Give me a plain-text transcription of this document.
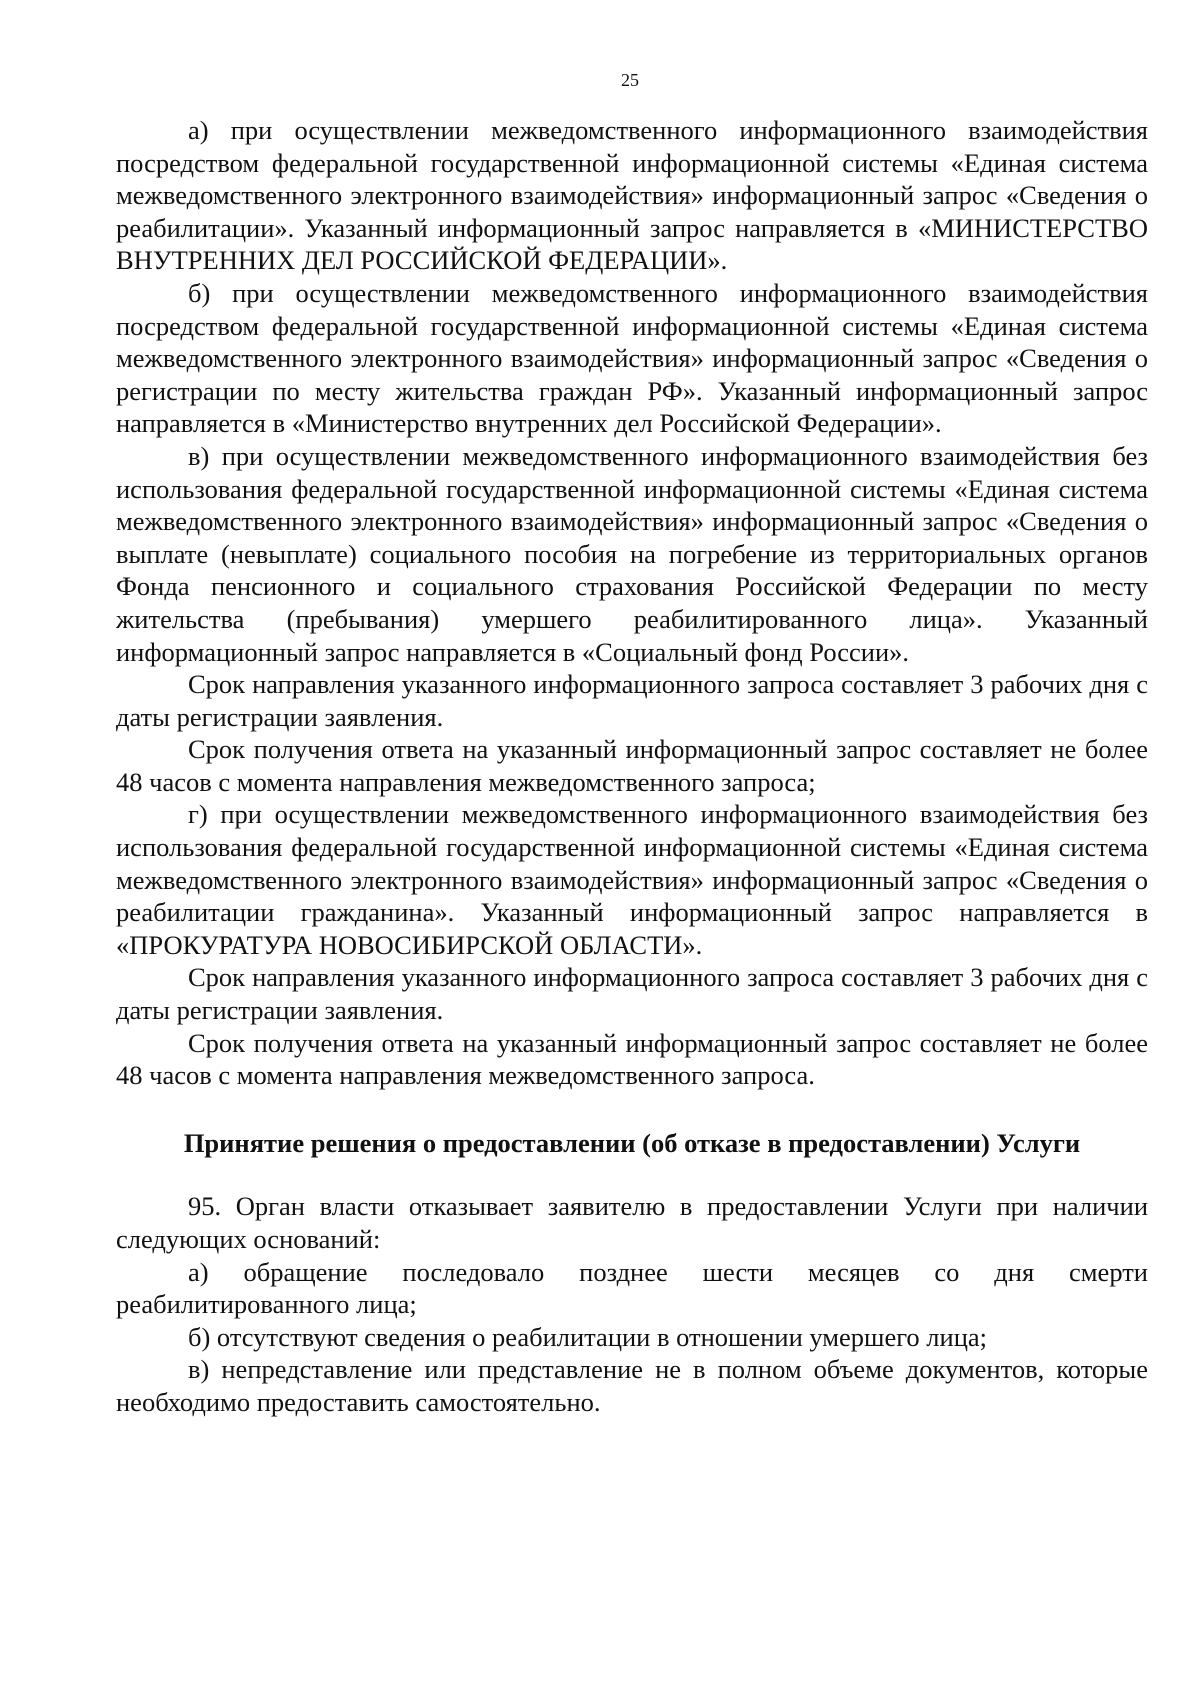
25

а) при осуществлении межведомственного информационного взаимодействия посредством федеральной государственной информационной системы «Единая система межведомственного электронного взаимодействия» информационный запрос «Сведения о реабилитации». Указанный информационный запрос направляется в «МИНИСТЕРСТВО ВНУТРЕННИХ ДЕЛ РОССИЙСКОЙ ФЕДЕРАЦИИ».

б) при осуществлении межведомственного информационного взаимодействия посредством федеральной государственной информационной системы «Единая система межведомственного электронного взаимодействия» информационный запрос «Сведения о регистрации по месту жительства граждан РФ». Указанный информационный запрос направляется в «Министерство внутренних дел Российской Федерации».

в) при осуществлении межведомственного информационного взаимодействия без использования федеральной государственной информационной системы «Единая система межведомственного электронного взаимодействия» информационный запрос «Сведения о выплате (невыплате) социального пособия на погребение из территориальных органов Фонда пенсионного и социального страхования Российской Федерации по месту жительства (пребывания) умершего реабилитированного лица». Указанный информационный запрос направляется в «Социальный фонд России».

Срок направления указанного информационного запроса составляет 3 рабочих дня с даты регистрации заявления.

Срок получения ответа на указанный информационный запрос составляет не более 48 часов с момента направления межведомственного запроса;

г) при осуществлении межведомственного информационного взаимодействия без использования федеральной государственной информационной системы «Единая система межведомственного электронного взаимодействия» информационный запрос «Сведения о реабилитации гражданина». Указанный информационный запрос направляется в «ПРОКУРАТУРА НОВОСИБИРСКОЙ ОБЛАСТИ».

Срок направления указанного информационного запроса составляет 3 рабочих дня с даты регистрации заявления.

Срок получения ответа на указанный информационный запрос составляет не более 48 часов с момента направления межведомственного запроса.

Принятие решения о предоставлении (об отказе в предоставлении) Услуги

95. Орган власти отказывает заявителю в предоставлении Услуги при наличии следующих оснований:

а) обращение последовало позднее шести месяцев со дня смерти реабилитированного лица;

б) отсутствуют сведения о реабилитации в отношении умершего лица;

в) непредставление или представление не в полном объеме документов, которые необходимо предоставить самостоятельно.
